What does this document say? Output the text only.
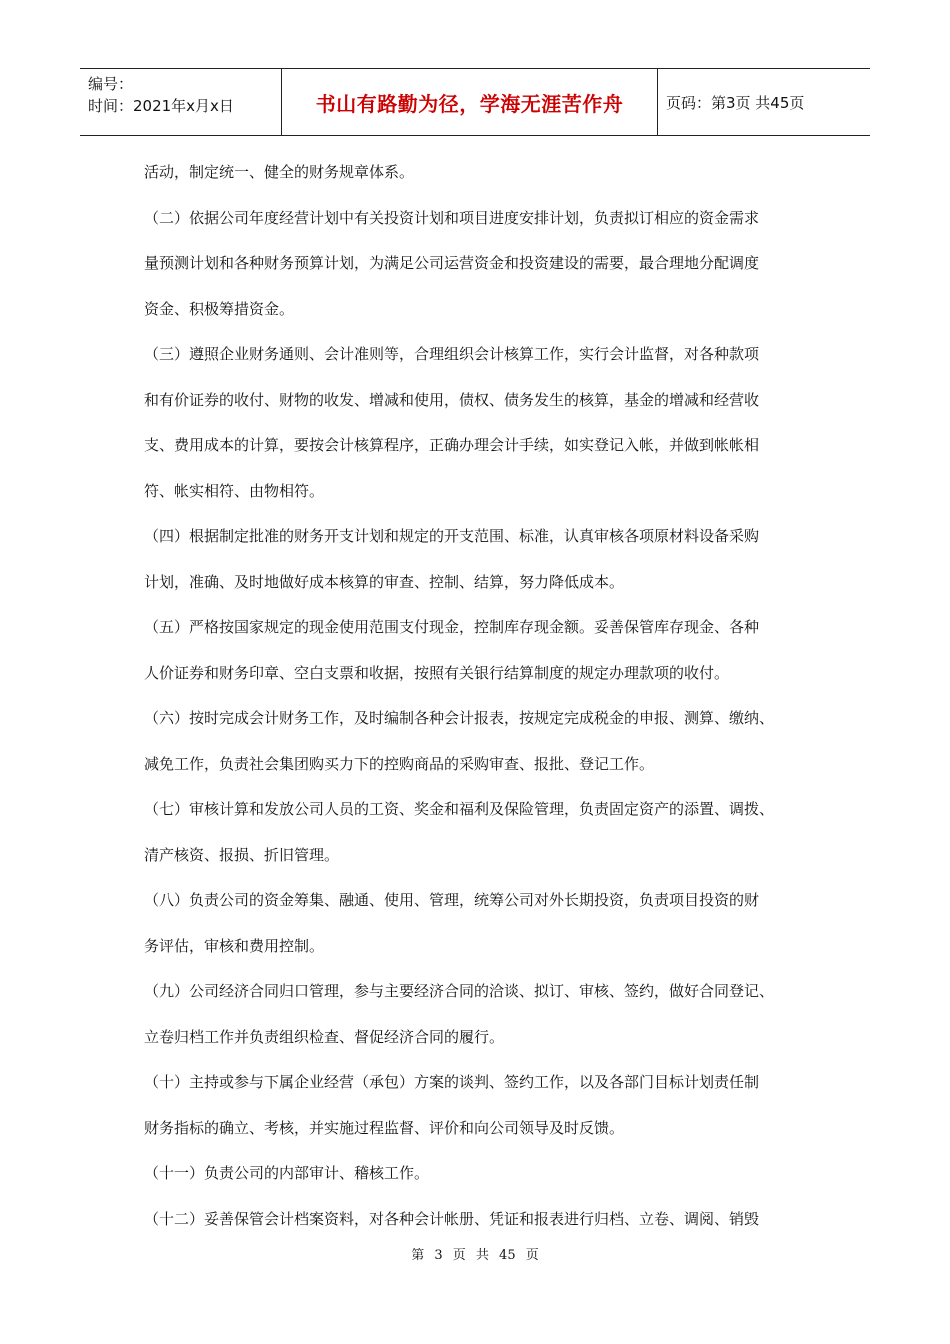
编号：
时间：2021年x月x日	书山有路勤为径，学海无涯苦作舟	页码：第3页 共45页
活动，制定统一、健全的财务规章体系。
（二）依据公司年度经营计划中有关投资计划和项目进度安排计划，负责拟订相应的资金需求
量预测计划和各种财务预算计划，为满足公司运营资金和投资建设的需要，最合理地分配调度
资金、积极筹措资金。
（三）遵照企业财务通则、会计准则等，合理组织会计核算工作，实行会计监督，对各种款项
和有价证券的收付、财物的收发、增减和使用，债权、债务发生的核算，基金的增减和经营收
支、费用成本的计算，要按会计核算程序，正确办理会计手续，如实登记入帐，并做到帐帐相
符、帐实相符、由物相符。
（四）根据制定批准的财务开支计划和规定的开支范围、标准，认真审核各项原材料设备采购
计划，准确、及时地做好成本核算的审查、控制、结算，努力降低成本。
（五）严格按国家规定的现金使用范围支付现金，控制库存现金额。妥善保管库存现金、各种
人价证券和财务印章、空白支票和收据，按照有关银行结算制度的规定办理款项的收付。
（六）按时完成会计财务工作，及时编制各种会计报表，按规定完成税金的申报、测算、缴纳、
减免工作，负责社会集团购买力下的控购商品的采购审查、报批、登记工作。
（七）审核计算和发放公司人员的工资、奖金和福利及保险管理，负责固定资产的添置、调拨、
清产核资、报损、折旧管理。
（八）负责公司的资金筹集、融通、使用、管理，统筹公司对外长期投资，负责项目投资的财
务评估，审核和费用控制。
（九）公司经济合同归口管理，参与主要经济合同的洽谈、拟订、审核、签约，做好合同登记、
立卷归档工作并负责组织检查、督促经济合同的履行。
（十）主持或参与下属企业经营（承包）方案的谈判、签约工作，以及各部门目标计划责任制
财务指标的确立、考核，并实施过程监督、评价和向公司领导及时反馈。
（十一）负责公司的内部审计、稽核工作。
（十二）妥善保管会计档案资料，对各种会计帐册、凭证和报表进行归档、立卷、调阅、销毁
第 3 页 共 45 页
